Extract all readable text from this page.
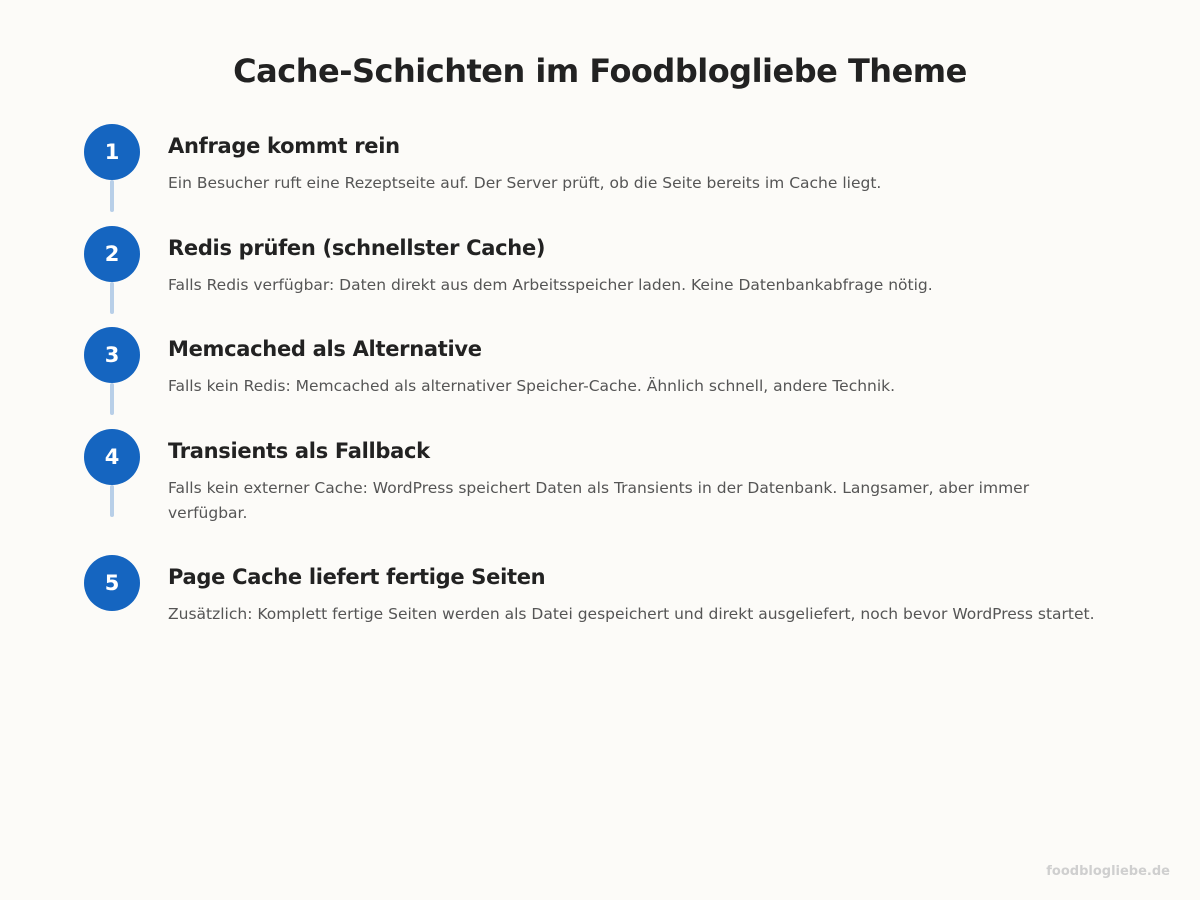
Cache-Schichten im Foodblogliebe Theme
1	Anfrage kommt rein
Ein Besucher ruft eine Rezeptseite auf. Der Server prüft, ob die Seite bereits im Cache liegt.
2	Redis prüfen (schnellster Cache)
Falls Redis verfügbar: Daten direkt aus dem Arbeitsspeicher laden. Keine Datenbankabfrage nötig.
3	Memcached als Alternative
Falls kein Redis: Memcached als alternativer Speicher-Cache. Ähnlich schnell, andere Technik.
4	Transients als Fallback
Falls kein externer Cache: WordPress speichert Daten als Transients in der Datenbank. Langsamer, aber immer verfügbar.
5	Page Cache liefert fertige Seiten
Zusätzlich: Komplett fertige Seiten werden als Datei gespeichert und direkt ausgeliefert, noch bevor WordPress startet.
foodblogliebe.de
